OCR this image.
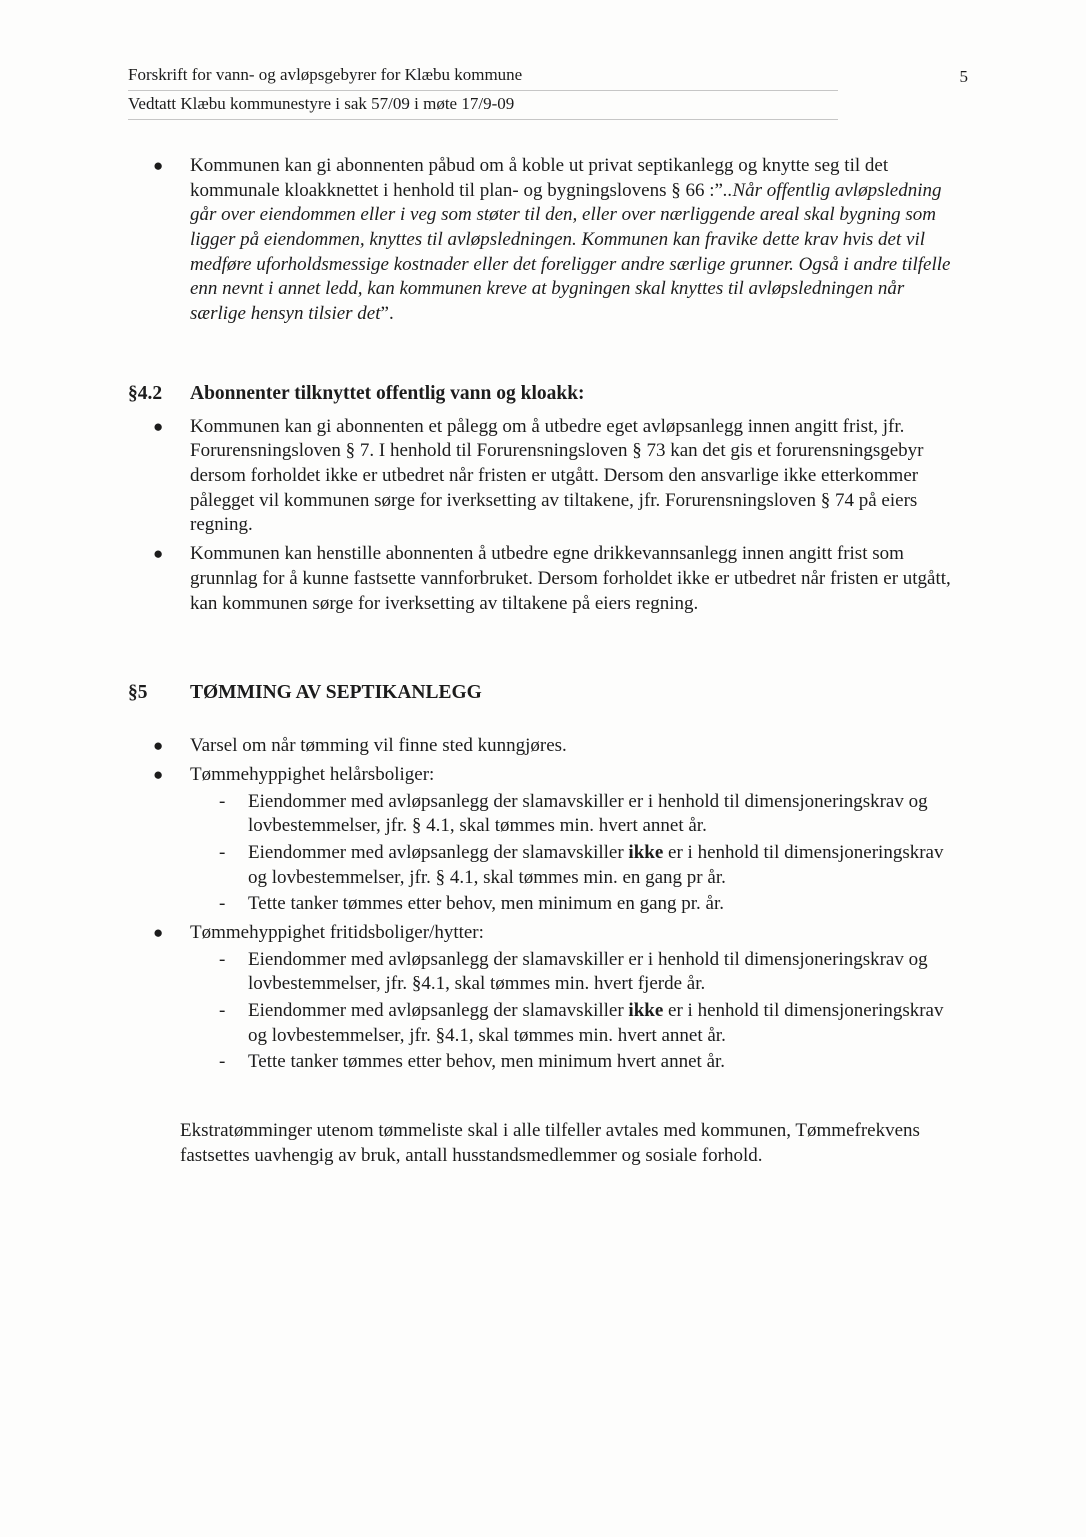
Forskrift for vann- og avløpsgebyrer for Klæbu kommune
Vedtatt Klæbu kommunestyre i sak 57/09 i møte 17/9-09
5
● Kommunen kan gi abonnenten påbud om å koble ut privat septikanlegg og knytte seg til det kommunale kloakknettet i henhold til plan- og bygningslovens § 66 :”..Når offentlig avløpsledning går over eiendommen eller i veg som støter til den, eller over nærliggende areal skal bygning som ligger på eiendommen, knyttes til avløpsledningen. Kommunen kan fravike dette krav hvis det vil medføre uforholdsmessige kostnader eller det foreligger andre særlige grunner. Også i andre tilfelle enn nevnt i annet ledd, kan kommunen kreve at bygningen skal knyttes til avløpsledningen når særlige hensyn tilsier det”.
§4.2	Abonnenter tilknyttet offentlig vann og kloakk:
● Kommunen kan gi abonnenten et pålegg om å utbedre eget avløpsanlegg innen angitt frist, jfr. Forurensningsloven § 7. I henhold til Forurensningsloven § 73 kan det gis et forurensningsgebyr dersom forholdet ikke er utbedret når fristen er utgått. Dersom den ansvarlige ikke etterkommer pålegget vil kommunen sørge for iverksetting av tiltakene, jfr. Forurensningsloven § 74 på eiers regning.
● Kommunen kan henstille abonnenten å utbedre egne drikkevannsanlegg innen angitt frist som grunnlag for å kunne fastsette vannforbruket. Dersom forholdet ikke er utbedret når fristen er utgått, kan kommunen sørge for iverksetting av tiltakene på eiers regning.
§5	TØMMING AV SEPTIKANLEGG
● Varsel om når tømming vil finne sted kunngjøres.
● Tømmehyppighet helårsboliger:
- Eiendommer med avløpsanlegg der slamavskiller er i henhold til dimensjoneringskrav og lovbestemmelser, jfr. § 4.1, skal tømmes min. hvert annet år.
- Eiendommer med avløpsanlegg der slamavskiller ikke er i henhold til dimensjoneringskrav og lovbestemmelser, jfr. § 4.1, skal tømmes min. en gang pr år.
- Tette tanker tømmes etter behov, men minimum en gang pr. år.
● Tømmehyppighet fritidsboliger/hytter:
- Eiendommer med avløpsanlegg der slamavskiller er i henhold til dimensjoneringskrav og lovbestemmelser, jfr. §4.1, skal tømmes min. hvert fjerde år.
- Eiendommer med avløpsanlegg der slamavskiller ikke er i henhold til dimensjoneringskrav og lovbestemmelser, jfr. §4.1, skal tømmes min. hvert annet år.
- Tette tanker tømmes etter behov, men minimum hvert annet år.

Ekstratømminger utenom tømmeliste skal i alle tilfeller avtales med kommunen, Tømmefrekvens fastsettes uavhengig av bruk, antall husstandsmedlemmer og sosiale forhold.
